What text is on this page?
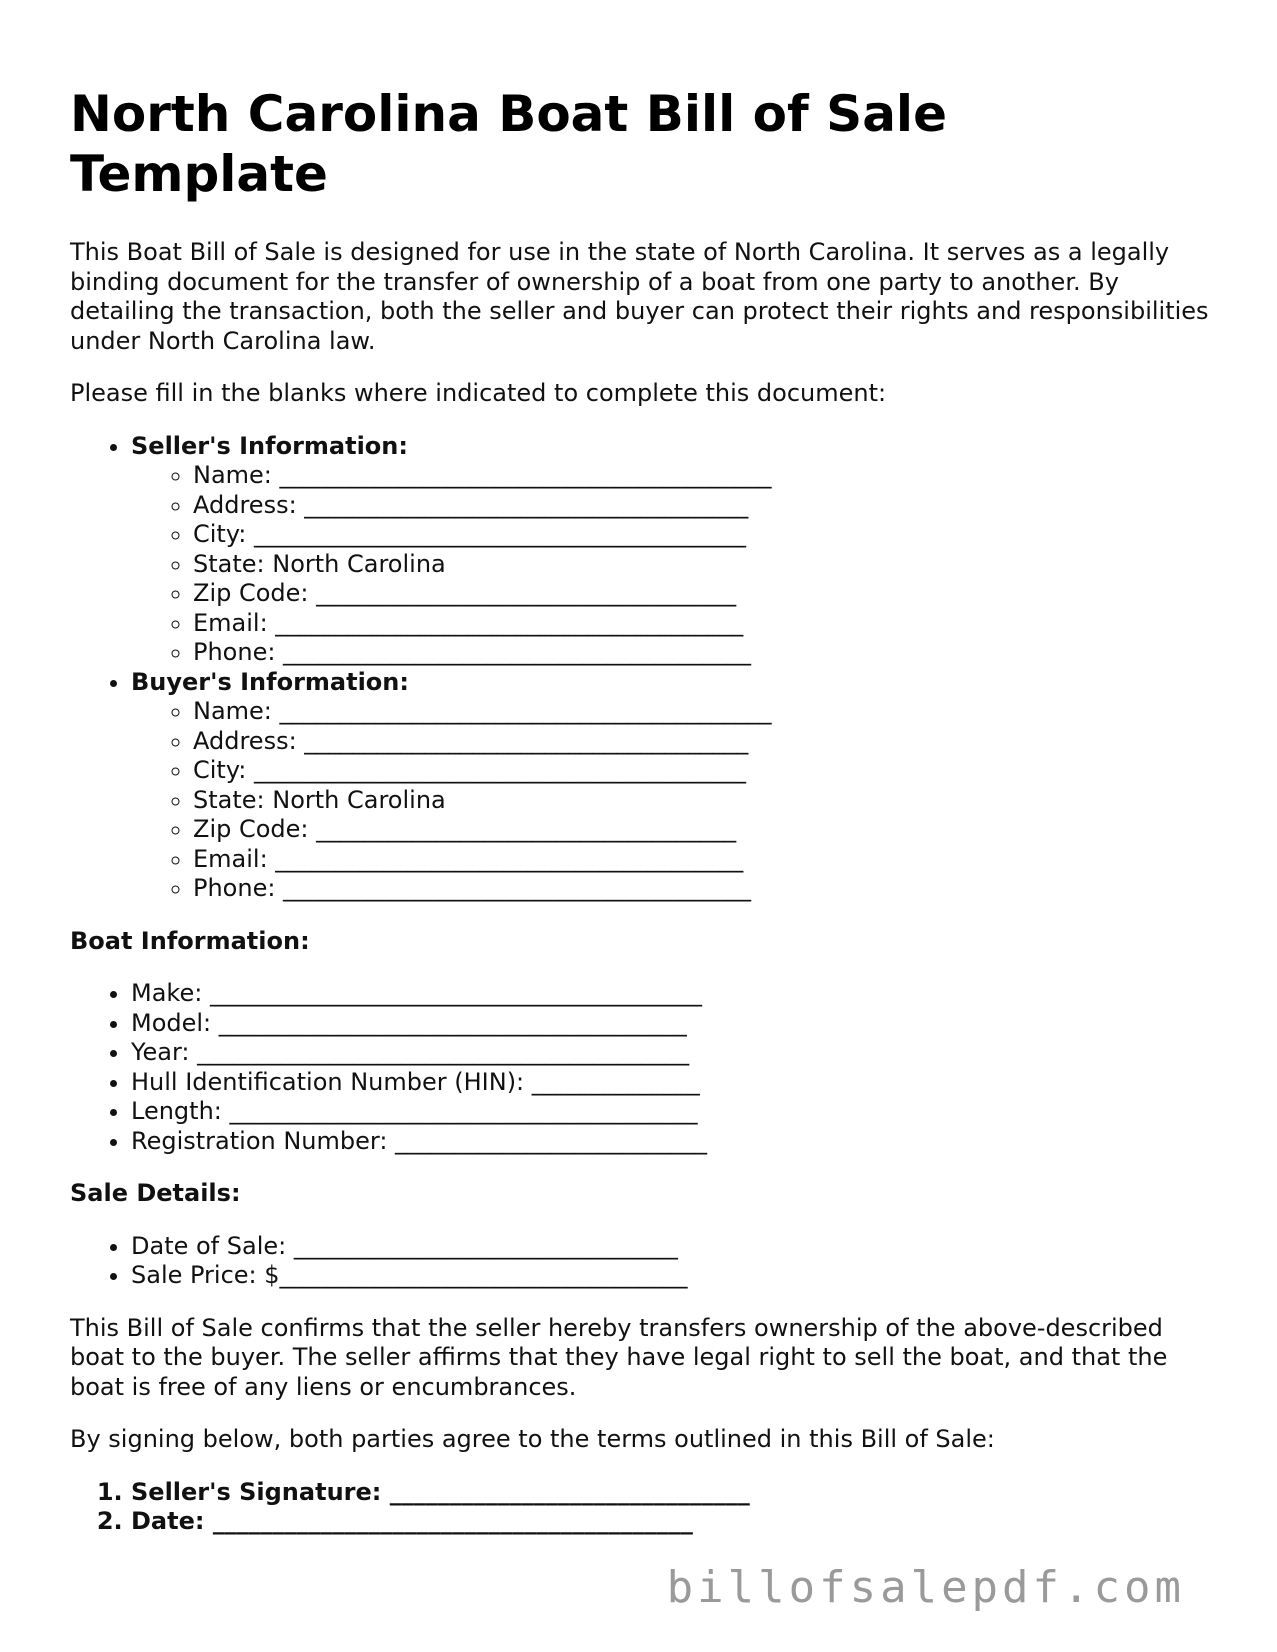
North Carolina Boat Bill of Sale Template

This Boat Bill of Sale is designed for use in the state of North Carolina. It serves as a legally binding document for the transfer of ownership of a boat from one party to another. By detailing the transaction, both the seller and buyer can protect their rights and responsibilities under North Carolina law.

Please fill in the blanks where indicated to complete this document:

• Seller's Information:
◦ Name: _________________________________________
◦ Address: _____________________________________
◦ City: _________________________________________
◦ State: North Carolina
◦ Zip Code: ___________________________________
◦ Email: _______________________________________
◦ Phone: _______________________________________
• Buyer's Information:
◦ Name: _________________________________________
◦ Address: _____________________________________
◦ City: _________________________________________
◦ State: North Carolina
◦ Zip Code: ___________________________________
◦ Email: _______________________________________
◦ Phone: _______________________________________
Boat Information:
• Make: _________________________________________
• Model: _______________________________________
• Year: _________________________________________
• Hull Identification Number (HIN): ______________
• Length: _______________________________________
• Registration Number: __________________________
Sale Details:
• Date of Sale: ________________________________
• Sale Price: $__________________________________

This Bill of Sale confirms that the seller hereby transfers ownership of the above-described boat to the buyer. The seller affirms that they have legal right to sell the boat, and that the boat is free of any liens or encumbrances.

By signing below, both parties agree to the terms outlined in this Bill of Sale:

1. Seller's Signature: ______________________________
2. Date: ________________________________________
billofsalepdf.com
